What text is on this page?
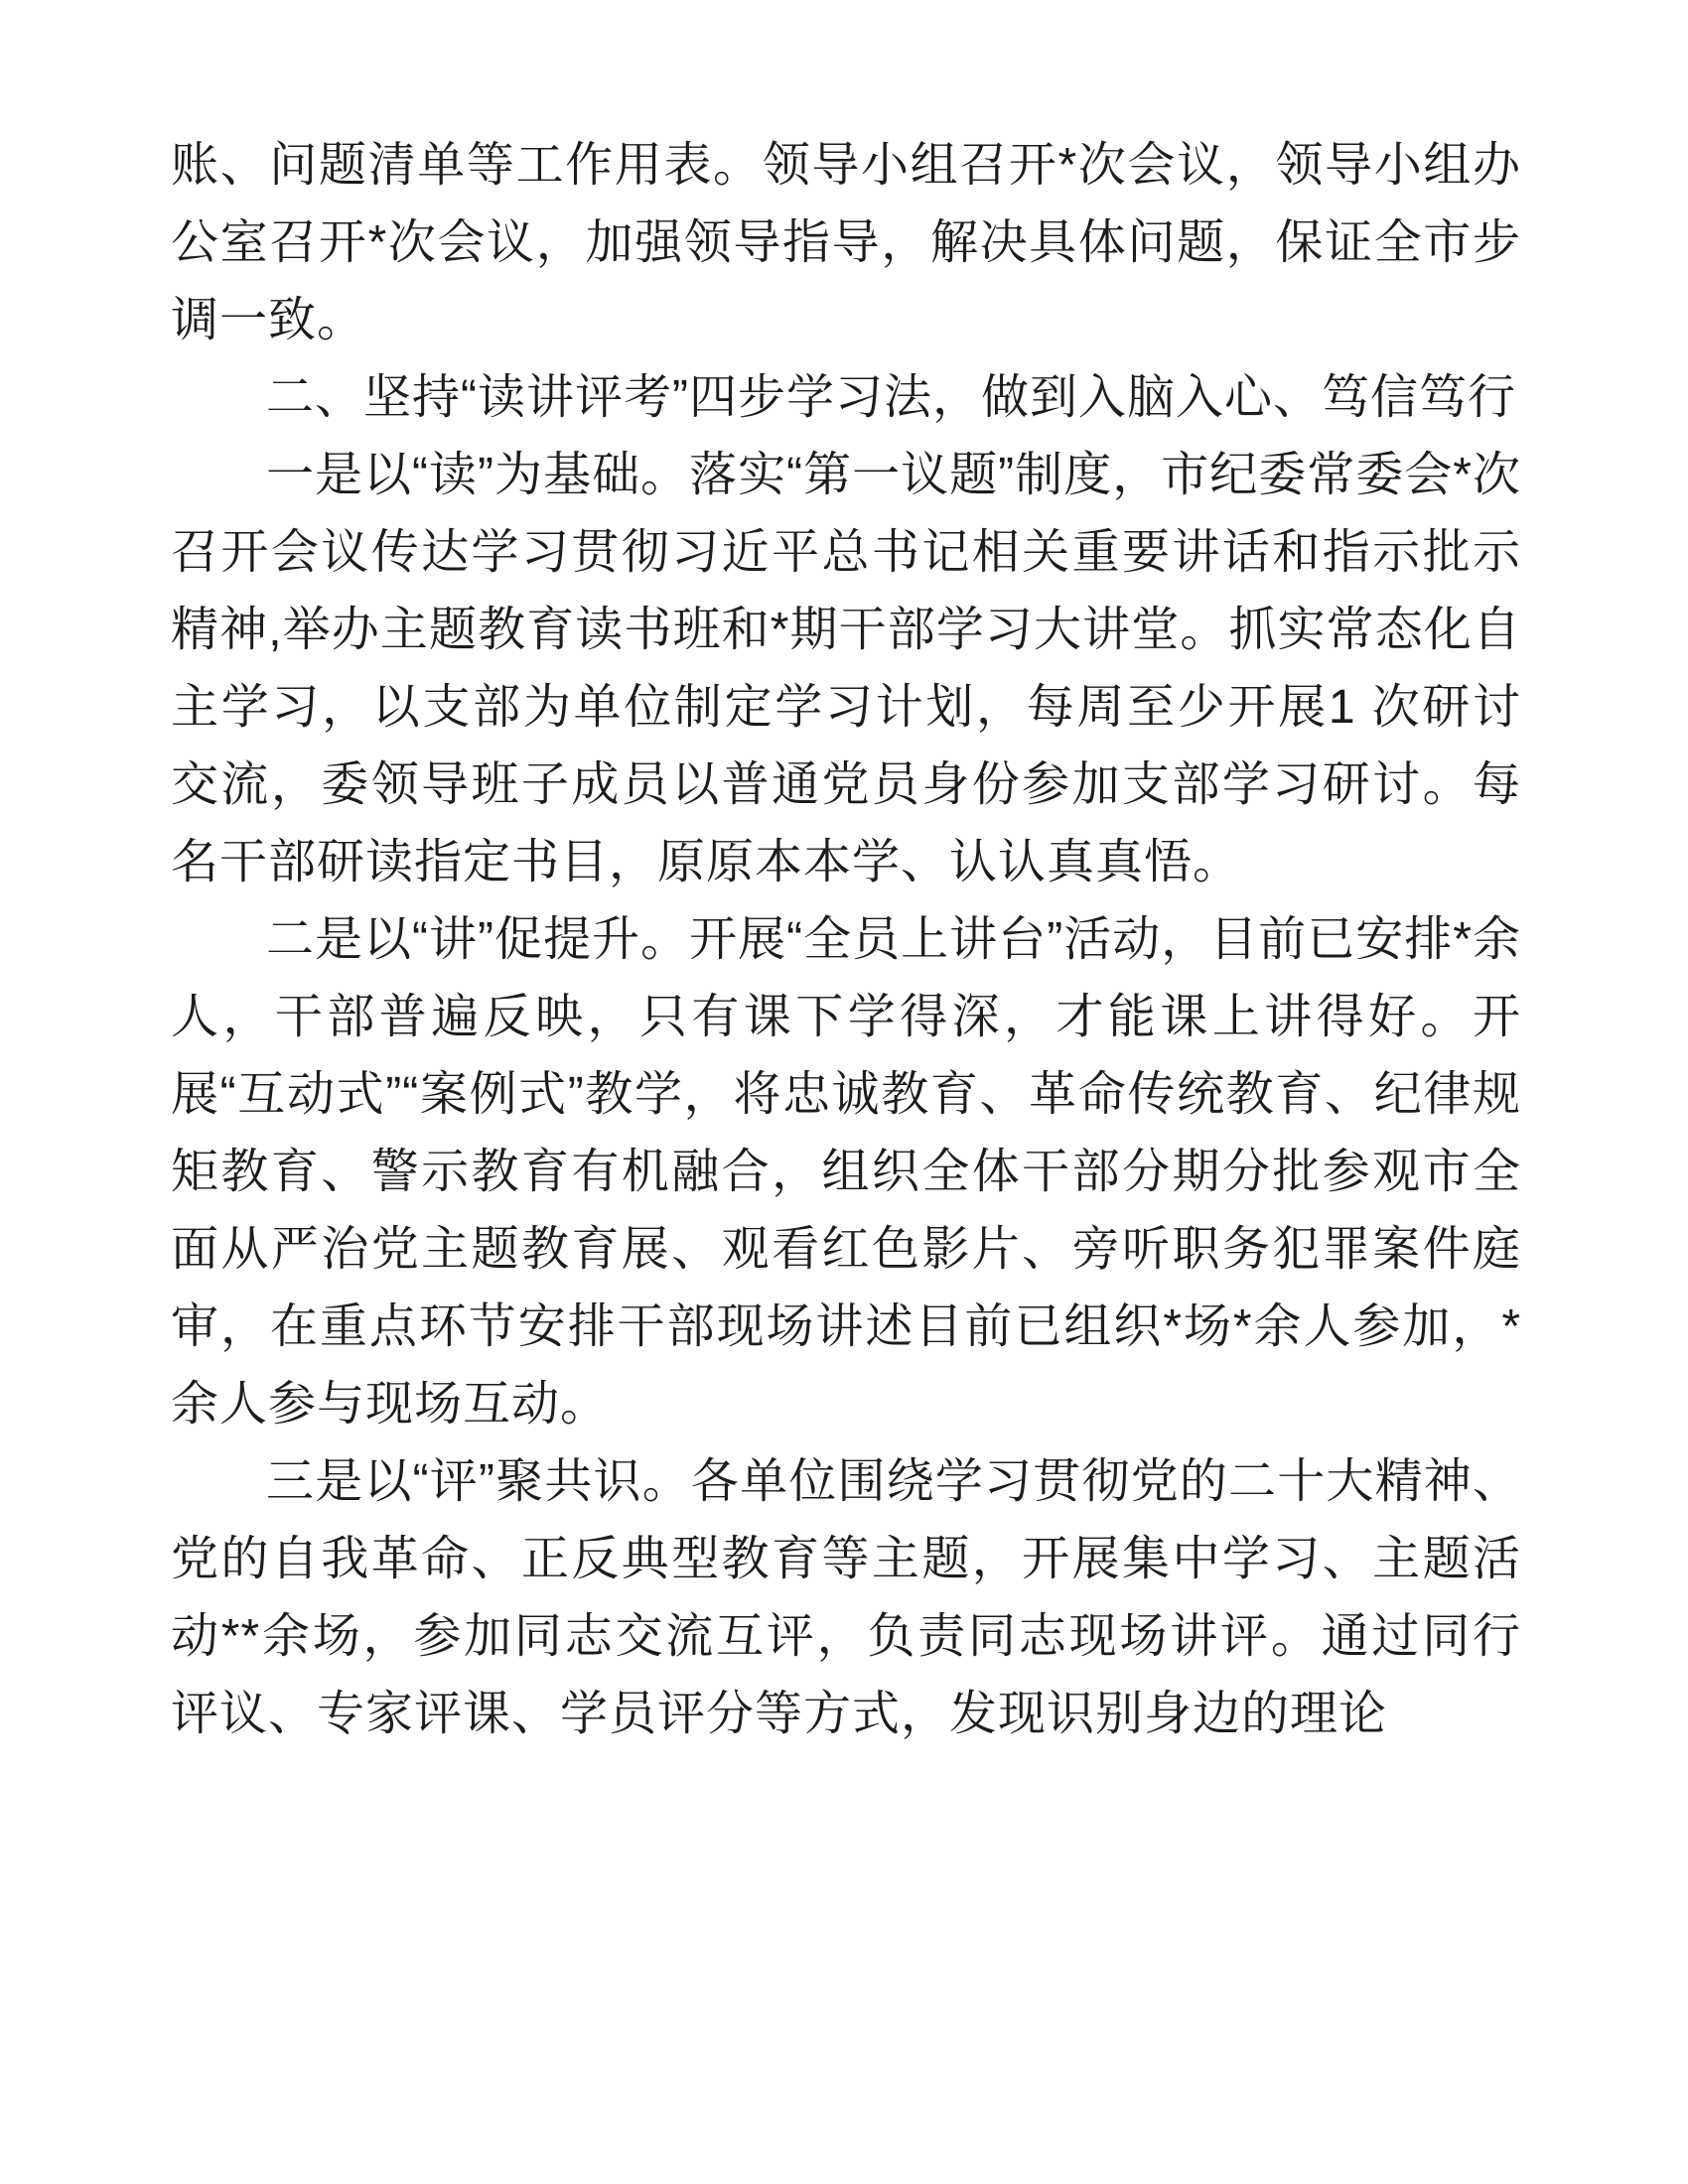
账、问题清单等工作用表。领导小组召开*次会议，领导小组办公室召开*次会议，加强领导指导，解决具体问题，保证全市步调一致。

二、坚持“读讲评考”四步学习法，做到入脑入心、笃信笃行

一是以“读”为基础。落实“第一议题”制度，市纪委常委会*次召开会议传达学习贯彻习近平总书记相关重要讲话和指示批示精神,举办主题教育读书班和*期干部学习大讲堂。抓实常态化自主学习，以支部为单位制定学习计划，每周至少开展1 次研讨交流，委领导班子成员以普通党员身份参加支部学习研讨。每名干部研读指定书目，原原本本学、认认真真悟。

二是以“讲”促提升。开展“全员上讲台”活动，目前已安排*余人，干部普遍反映，只有课下学得深，才能课上讲得好。开展“互动式”“案例式”教学，将忠诚教育、革命传统教育、纪律规矩教育、警示教育有机融合，组织全体干部分期分批参观市全面从严治党主题教育展、观看红色影片、旁听职务犯罪案件庭审，在重点环节安排干部现场讲述目前已组织*场*余人参加，*余人参与现场互动。

三是以“评”聚共识。各单位围绕学习贯彻党的二十大精神、党的自我革命、正反典型教育等主题，开展集中学习、主题活动**余场，参加同志交流互评，负责同志现场讲评。通过同行评议、专家评课、学员评分等方式，发现识别身边的理论
